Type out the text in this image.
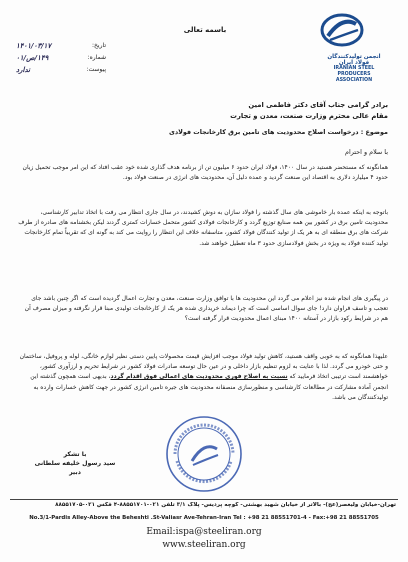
انجمن تولیدکنندگان فولاد ایران
IRANIAN STEEL
PRODUCERS ASSOCIATION
باسمه تعالی
تاریخ:
۱۴۰۱/۰۳/۱۷
شماره:
۱۴۹/ص/۰۱
پیوست:
ندارد
برادر گرامی جناب آقای دکتر فاطمی امین
مقام عالی محترم وزارت صنعت، معدن و تجارت
موضوع : درخواست اصلاح محدودیت های تامین برق کارخانجات فولادی
با سلام و احترام
همانگونه که مستحضر هستید در سال ۱۴۰۰، فولاد ایران حدود ۶ میلیون تن از برنامه هدف گذاری شده خود عقب افتاد که این امر موجب تحمیل زیان حدود ۴ میلیارد دلاری به اقتصاد این صنعت گردید و عمده دلیل آن، محدودیت های انرژی در صنعت فولاد بود.
باتوجه به اینکه عمده بار خاموشی های سال گذشته را فولاد سازان به دوش کشیدند، در سال جاری انتظار می رفت با اتخاذ تدابیر کارشناسی، محدودیت تامین برق در کشور بین همه صنایع توزیع گردد و کارخانجات فولادی کشور متحمل خسارات کمتری گردند لیکن بخشنامه های صادره از طرف شرکت های برق منطقه ای به هر یک از تولید کنندگان فولاد کشور، متاسفانه خلاف این انتظار را روایت می کند به گونه ای که تقریباً تمام کارخانجات تولید کننده فولاد به ویژه در بخش فولادسازی حدود ۳ ماه تعطیل خواهند شد.
در پیگیری های انجام شده نیز اعلام می گردد این محدودیت ها با توافق وزارت صنعت، معدن و تجارت اعمال گردیده است که اگر چنین باشد جای تعجب و تاسف فراوان دارد! جای سوال اساسی است که چرا دیماند خریداری شده هر یک از کارخانجات تولیدی مبنا قرار نگرفته و میزان مصرف آن هم در شرایط رکود بازار در آستانه ۱۴۰۰ مبنای اعمال محدودیت قرار گرفته است؟
علیهذا همانگونه که به خوبی واقف هستید، کاهش تولید فولاد موجب افزایش قیمت محصولات پایین دستی نظیر لوازم خانگی، لوله و پروفیل، ساختمان و حتی خودرو می گردد. لذا با عنایت به لزوم تنظیم بازار داخلی و در عین حال توسعه صادرات فولاد کشور در شرایط تحریم و ارزآوری کشور، خواهشمند است ترتیبی اتخاذ فرمایید که نسبت به اصلاح فوری محدودیت های اعمالی فوق اقدام گردد، بدیهی است همچون گذشته این انجمن آماده مشارکت در مطالعات کارشناسی و منظورسازی منصفانه محدودیت های جیره تامین انرژی کشور در جهت کاهش خسارات وارده به تولیدکنندگان می باشد.
با تشکر
سید رسول خلیفه سلطانی
دبیر
تهران-خیابان ولیعصر(عج)- بالاتر از خیابان شهید بهشتی- کوچه پردیس- پلاک ۳/۱ تلفن ۰۲۱-۸۸۵۵۱۷۰۱-۴ فکس ۰۲۱-۸۸۵۵۱۷۰۵
No.3/1-Pardis Alley-Above the Beheshti .St-Valiasr Ave-Tehran-Iran Tel : +98 21 88551701-4 - Fax:+98 21 88551705
Email:ispa@steeliran.org
www.steeliran.org
